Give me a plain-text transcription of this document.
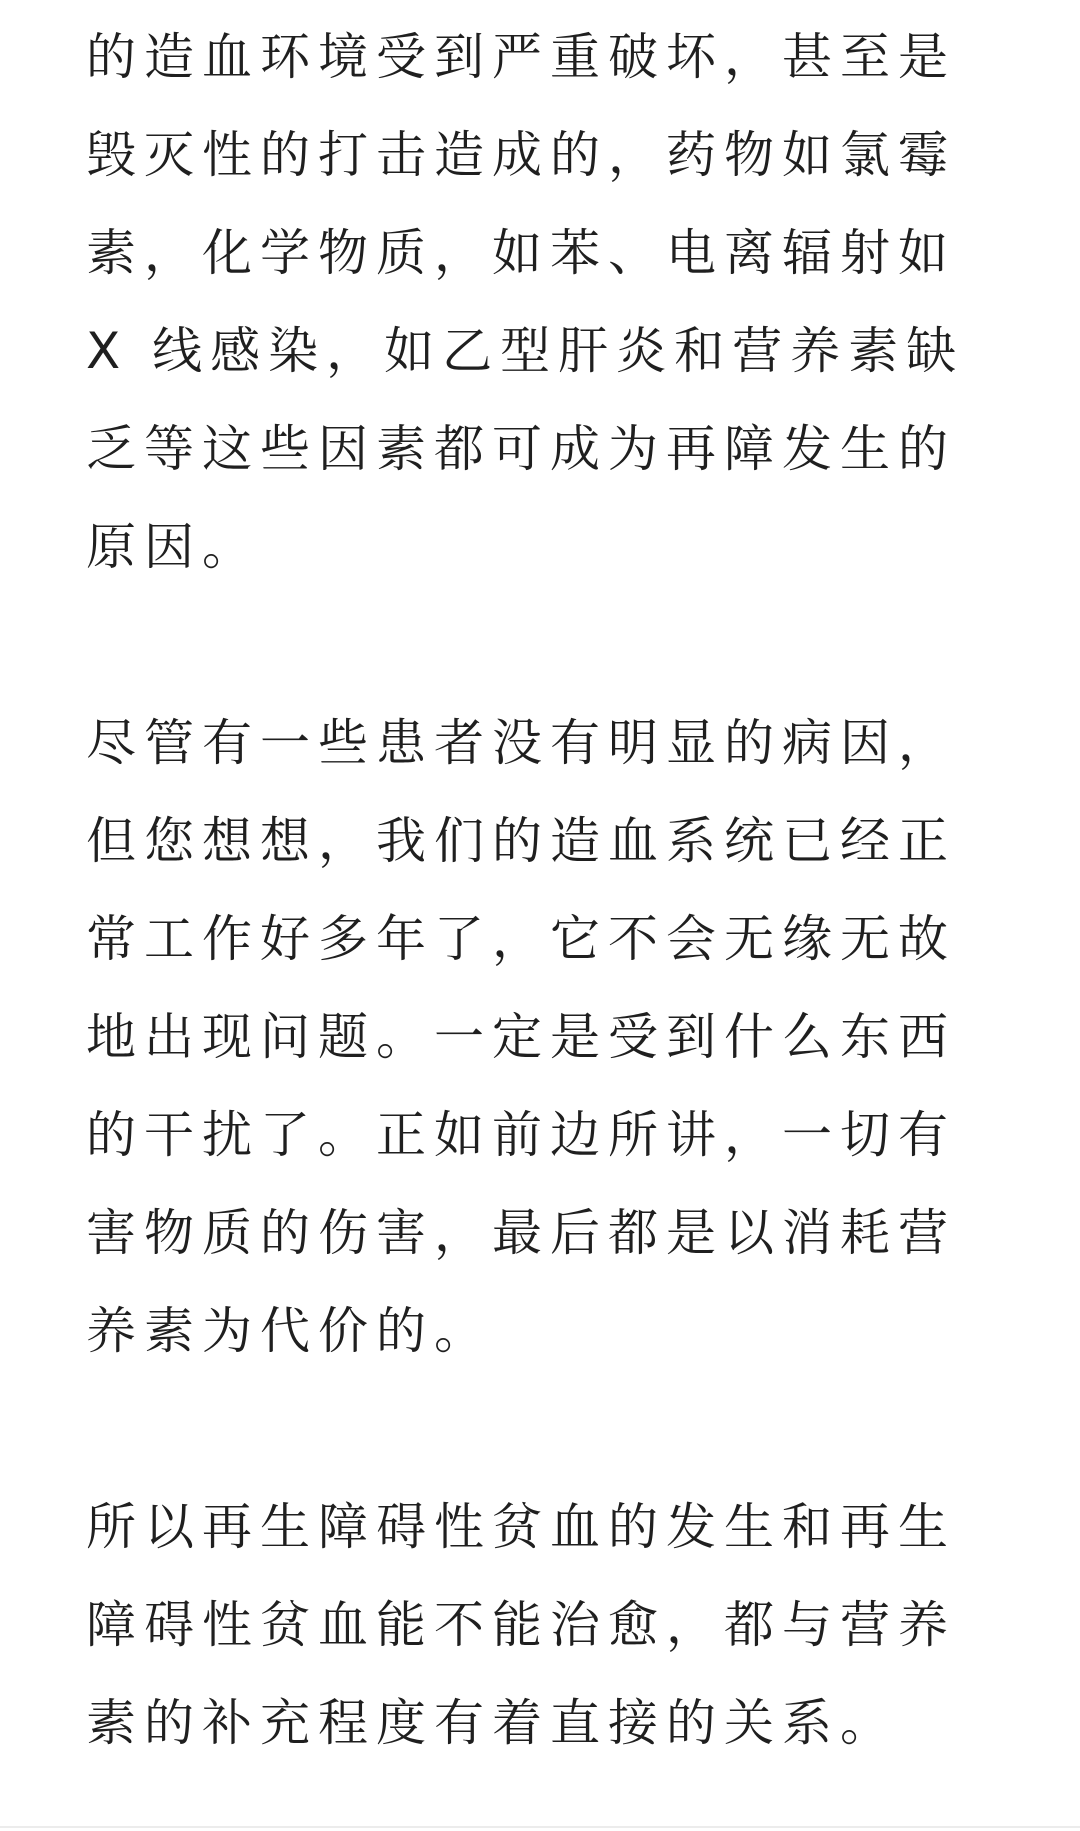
的造血环境受到严重破坏，甚至是毁灭性的打击造成的，药物如氯霉素，化学物质，如苯、电离辐射如 X 线感染，如乙型肝炎和营养素缺乏等这些因素都可成为再障发生的原因。

尽管有一些患者没有明显的病因，但您想想，我们的造血系统已经正常工作好多年了，它不会无缘无故地出现问题。一定是受到什么东西的干扰了。正如前边所讲，一切有害物质的伤害，最后都是以消耗营养素为代价的。

所以再生障碍性贫血的发生和再生障碍性贫血能不能治愈，都与营养素的补充程度有着直接的关系。
